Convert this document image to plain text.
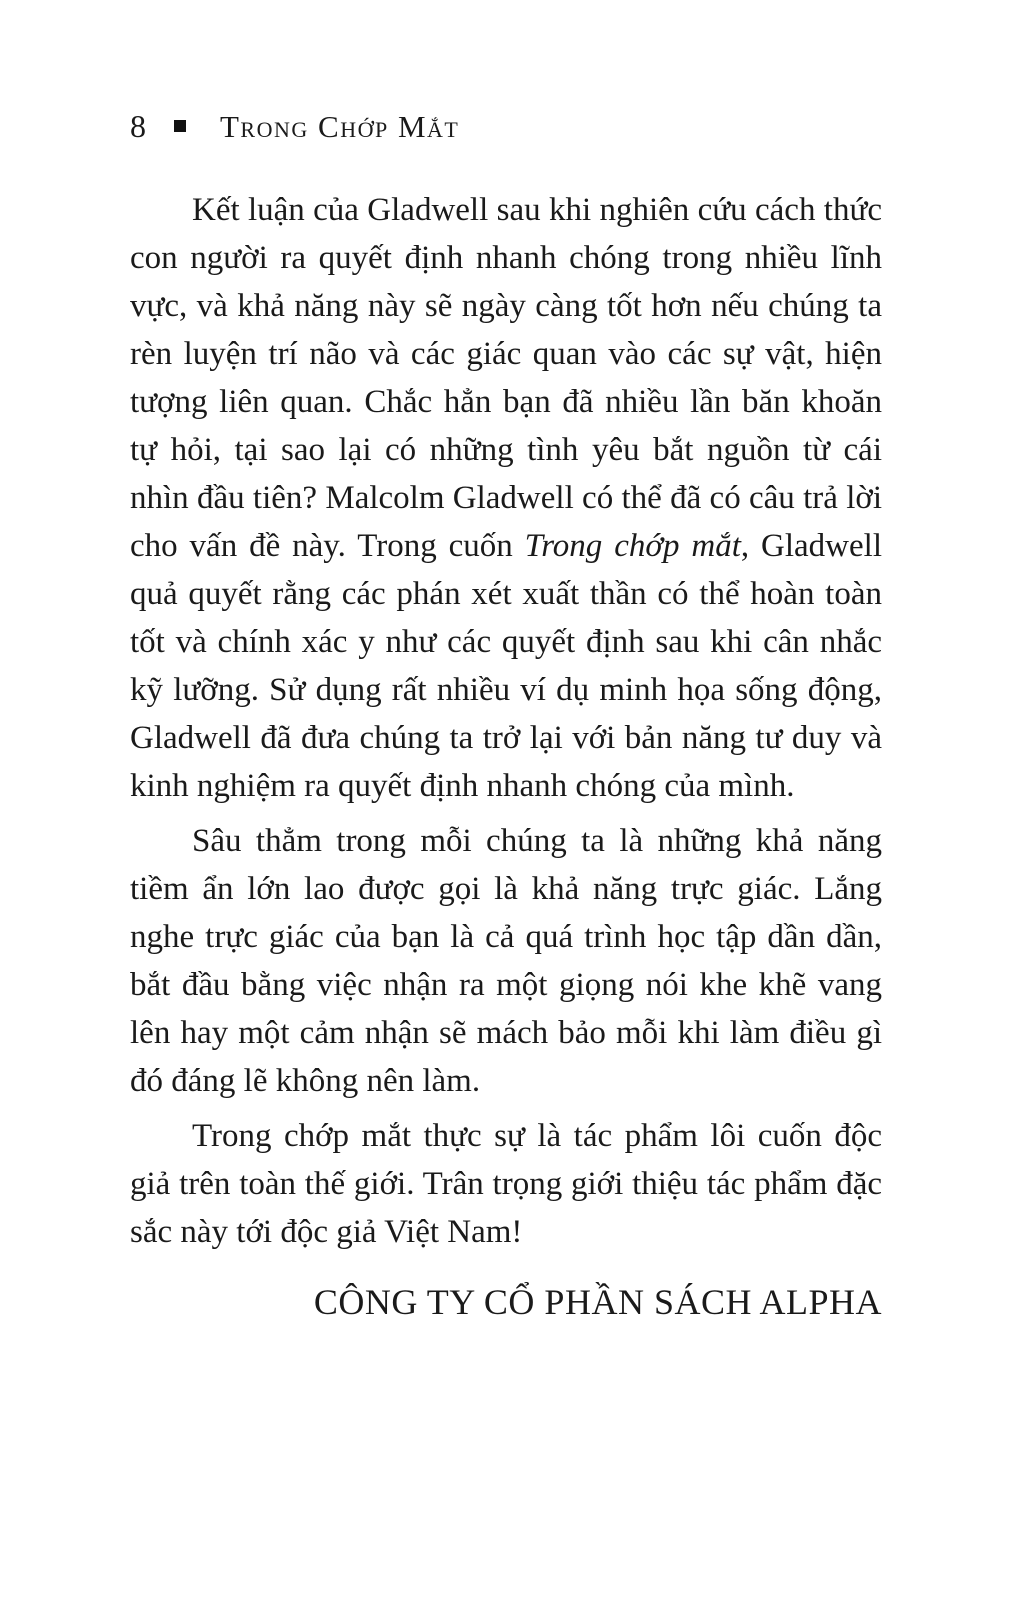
8 Trong Chớp Mắt

Kết luận của Gladwell sau khi nghiên cứu cách thức con người ra quyết định nhanh chóng trong nhiều lĩnh vực, và khả năng này sẽ ngày càng tốt hơn nếu chúng ta rèn luyện trí não và các giác quan vào các sự vật, hiện tượng liên quan. Chắc hẳn bạn đã nhiều lần băn khoăn tự hỏi, tại sao lại có những tình yêu bắt nguồn từ cái nhìn đầu tiên? Malcolm Gladwell có thể đã có câu trả lời cho vấn đề này. Trong cuốn Trong chớp mắt, Gladwell quả quyết rằng các phán xét xuất thần có thể hoàn toàn tốt và chính xác y như các quyết định sau khi cân nhắc kỹ lưỡng. Sử dụng rất nhiều ví dụ minh họa sống động, Gladwell đã đưa chúng ta trở lại với bản năng tư duy và kinh nghiệm ra quyết định nhanh chóng của mình.

Sâu thẳm trong mỗi chúng ta là những khả năng tiềm ẩn lớn lao được gọi là khả năng trực giác. Lắng nghe trực giác của bạn là cả quá trình học tập dần dần, bắt đầu bằng việc nhận ra một giọng nói khe khẽ vang lên hay một cảm nhận sẽ mách bảo mỗi khi làm điều gì đó đáng lẽ không nên làm.

Trong chớp mắt thực sự là tác phẩm lôi cuốn độc giả trên toàn thế giới. Trân trọng giới thiệu tác phẩm đặc sắc này tới độc giả Việt Nam!

CÔNG TY CỔ PHẦN SÁCH ALPHA
